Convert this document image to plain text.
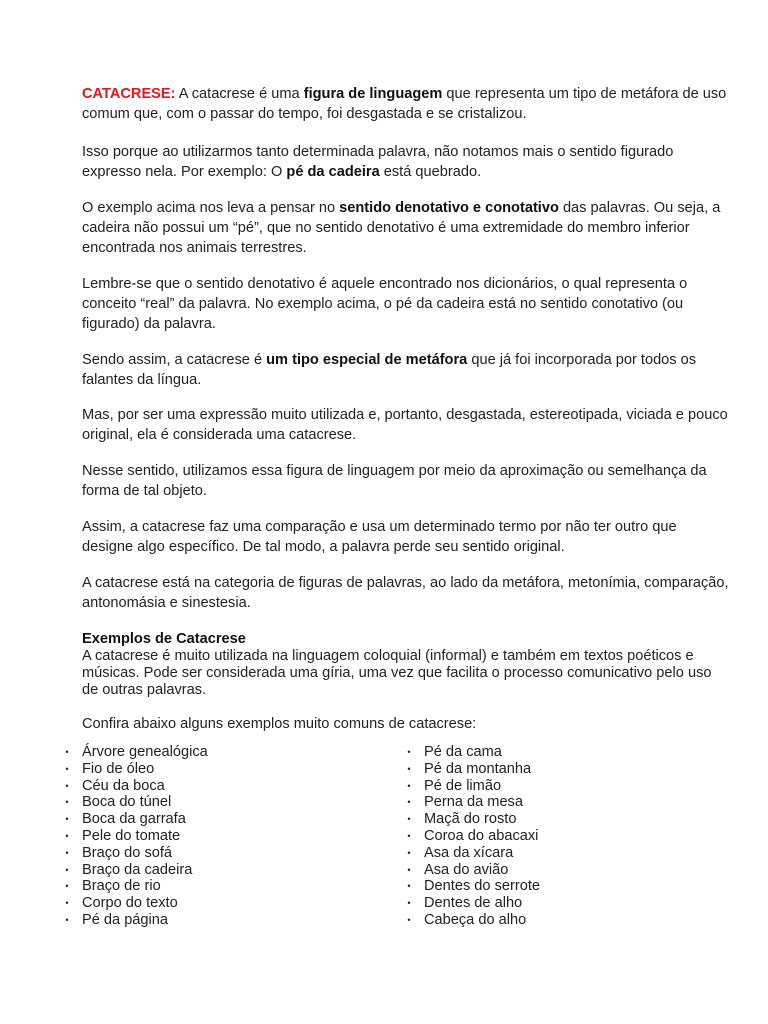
CATACRESE: A catacrese é uma figura de linguagem que representa um tipo de metáfora de uso comum que, com o passar do tempo, foi desgastada e se cristalizou.

Isso porque ao utilizarmos tanto determinada palavra, não notamos mais o sentido figurado expresso nela. Por exemplo: O pé da cadeira está quebrado.

O exemplo acima nos leva a pensar no sentido denotativo e conotativo das palavras. Ou seja, a cadeira não possui um “pé”, que no sentido denotativo é uma extremidade do membro inferior encontrada nos animais terrestres.

Lembre-se que o sentido denotativo é aquele encontrado nos dicionários, o qual representa o conceito “real” da palavra. No exemplo acima, o pé da cadeira está no sentido conotativo (ou figurado) da palavra.

Sendo assim, a catacrese é um tipo especial de metáfora que já foi incorporada por todos os falantes da língua.

Mas, por ser uma expressão muito utilizada e, portanto, desgastada, estereotipada, viciada e pouco original, ela é considerada uma catacrese.

Nesse sentido, utilizamos essa figura de linguagem por meio da aproximação ou semelhança da forma de tal objeto.

Assim, a catacrese faz uma comparação e usa um determinado termo por não ter outro que designe algo específico. De tal modo, a palavra perde seu sentido original.

A catacrese está na categoria de figuras de palavras, ao lado da metáfora, metonímia, comparação, antonomásia e sinestesia.

Exemplos de Catacrese

A catacrese é muito utilizada na linguagem coloquial (informal) e também em textos poéticos e músicas. Pode ser considerada uma gíria, uma vez que facilita o processo comunicativo pelo uso de outras palavras.

Confira abaixo alguns exemplos muito comuns de catacrese:

• Árvore genealógica
• Fio de óleo
• Céu da boca
• Boca do túnel
• Boca da garrafa
• Pele do tomate
• Braço do sofá
• Braço da cadeira
• Braço de rio
• Corpo do texto
• Pé da página
• Pé da cama
• Pé da montanha
• Pé de limão
• Perna da mesa
• Maçã do rosto
• Coroa do abacaxi
• Asa da xícara
• Asa do avião
• Dentes do serrote
• Dentes de alho
• Cabeça do alho
